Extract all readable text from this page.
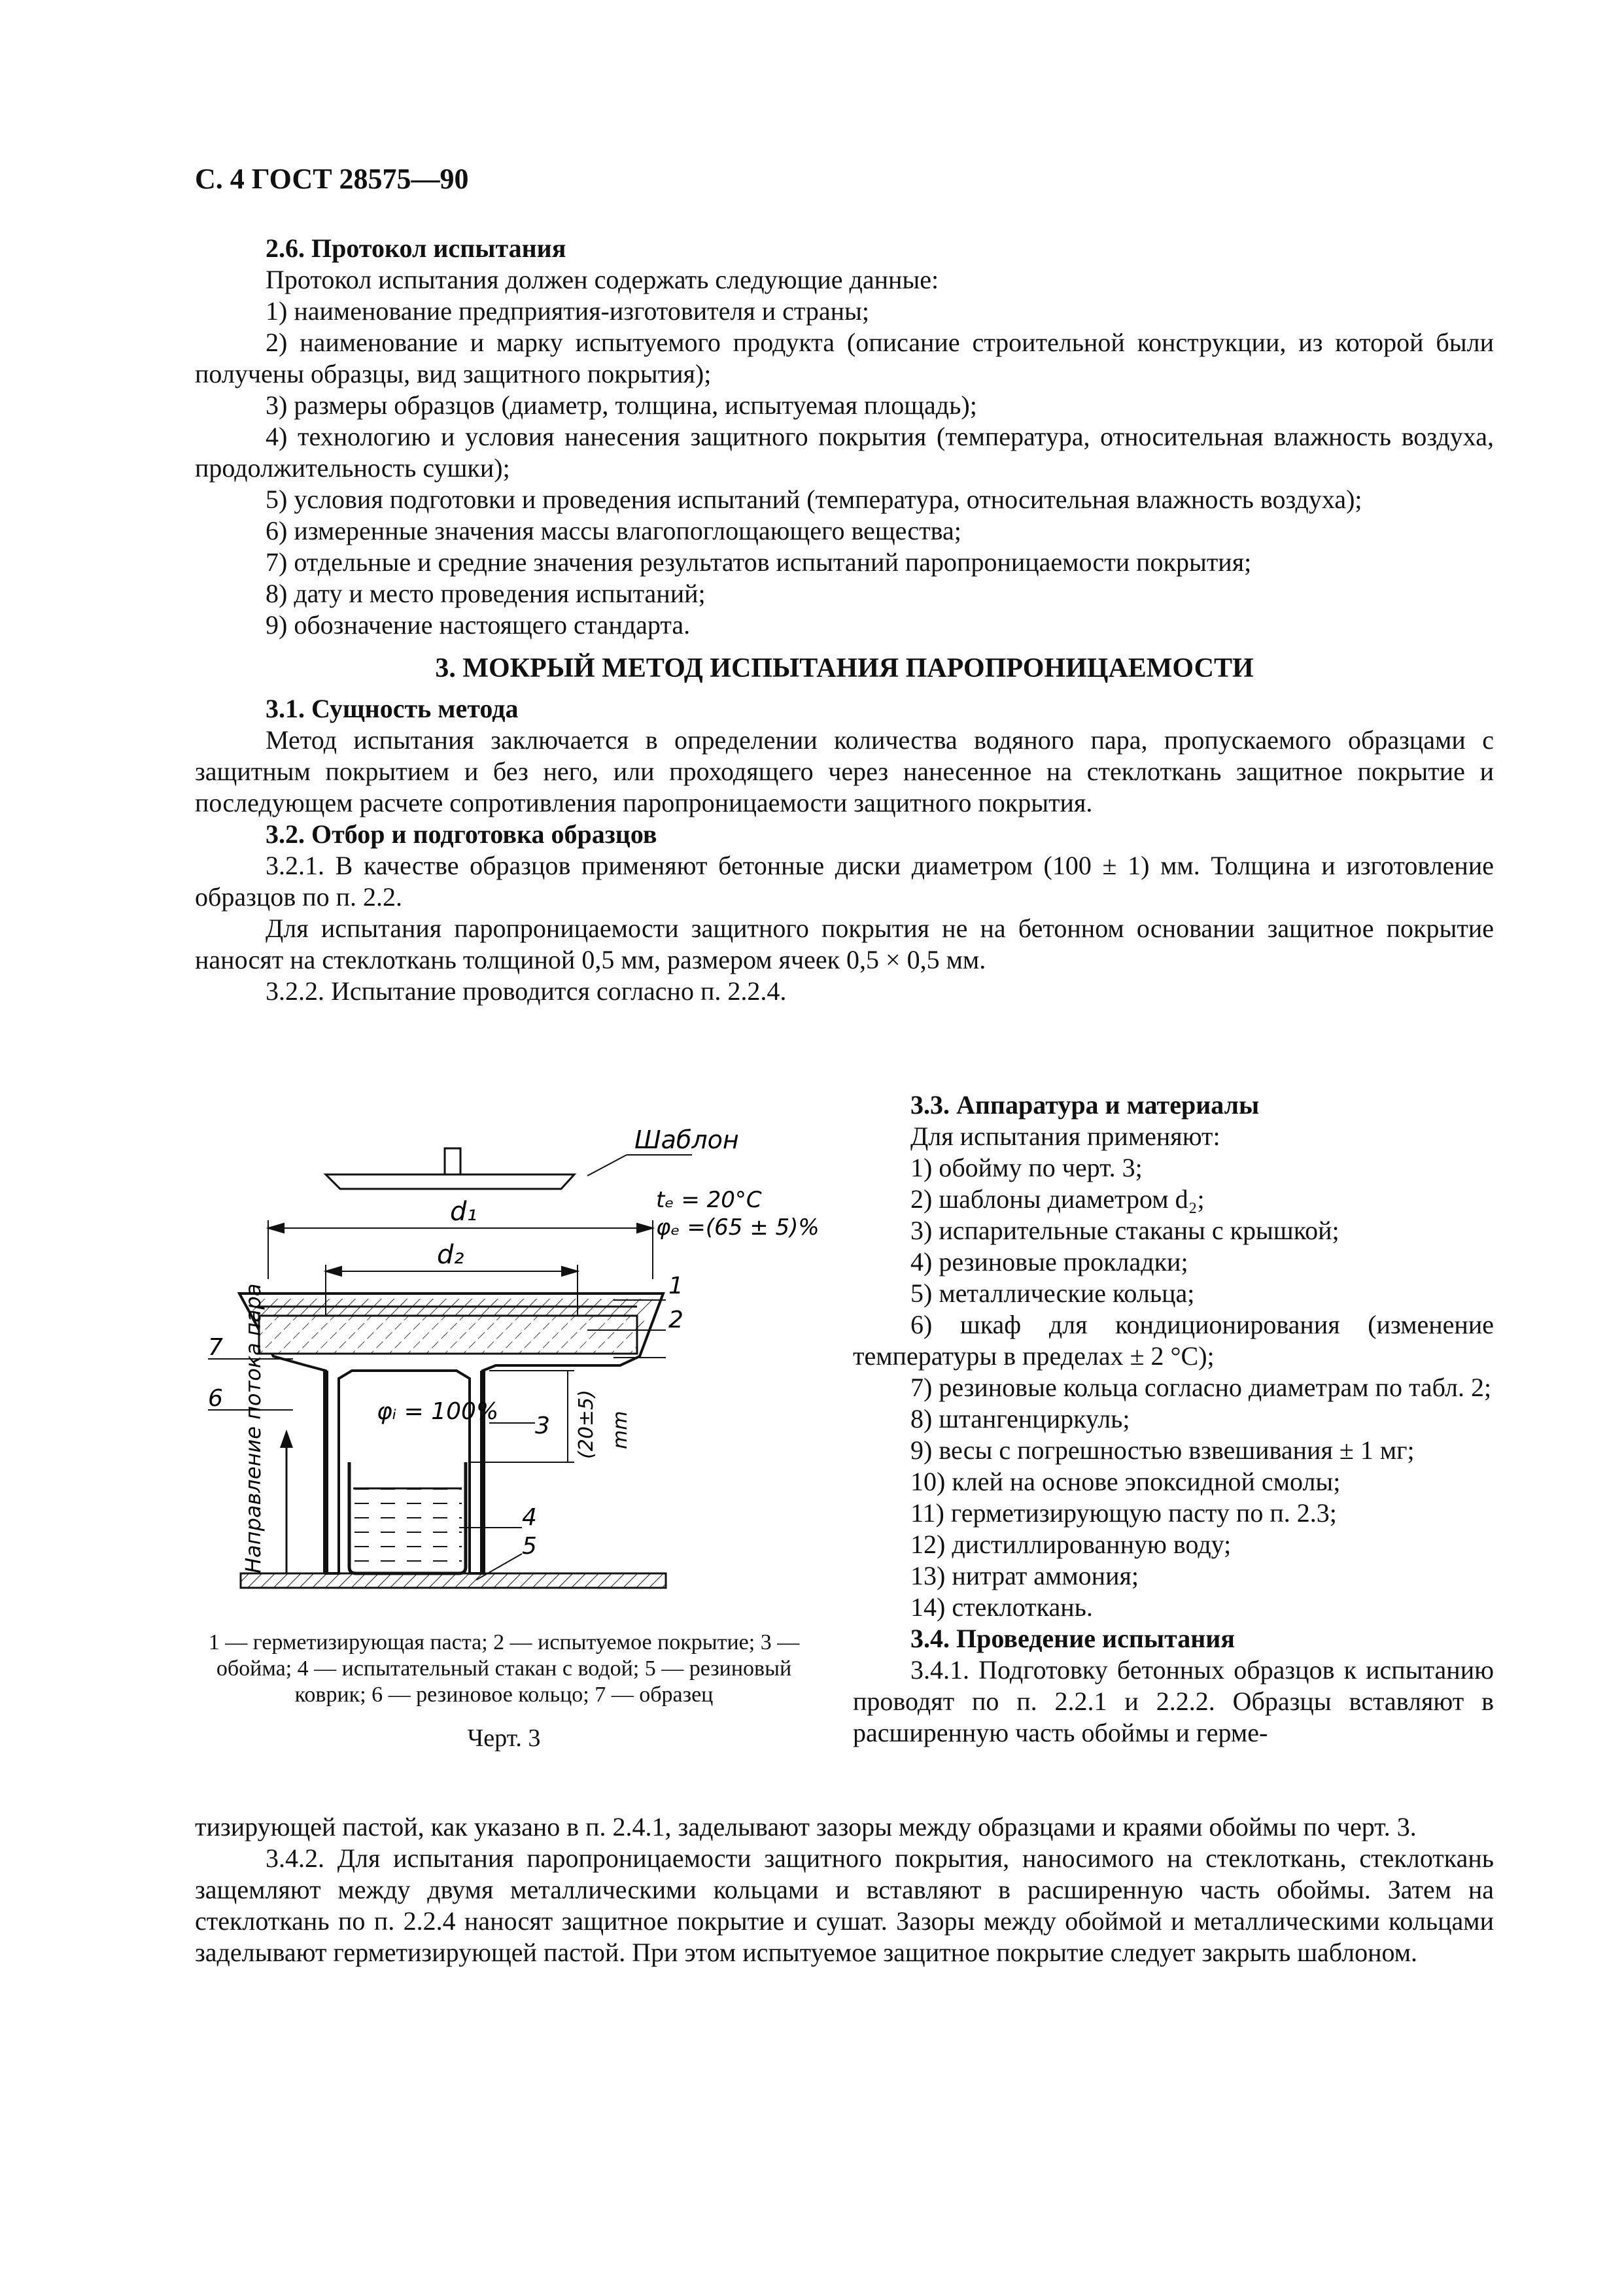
С. 4 ГОСТ 28575—90

2.6. Протокол испытания

Протокол испытания должен содержать следующие данные:

1) наименование предприятия-изготовителя и страны;

2) наименование и марку испытуемого продукта (описание строительной конструкции, из которой были получены образцы, вид защитного покрытия);

3) размеры образцов (диаметр, толщина, испытуемая площадь);

4) технологию и условия нанесения защитного покрытия (температура, относительная влажность воздуха, продолжительность сушки);

5) условия подготовки и проведения испытаний (температура, относительная влажность воздуха);

6) измеренные значения массы влагопоглощающего вещества;

7) отдельные и средние значения результатов испытаний паропроницаемости покрытия;

8) дату и место проведения испытаний;

9) обозначение настоящего стандарта.

3. МОКРЫЙ МЕТОД ИСПЫТАНИЯ ПАРОПРОНИЦАЕМОСТИ

3.1. Сущность метода

Метод испытания заключается в определении количества водяного пара, пропускаемого образцами с защитным покрытием и без него, или проходящего через нанесенное на стеклоткань защитное покрытие и последующем расчете сопротивления паропроницаемости защитного покрытия.

3.2. Отбор и подготовка образцов

3.2.1. В качестве образцов применяют бетонные диски диаметром (100 ± 1) мм. Толщина и изготовление образцов по п. 2.2.

Для испытания паропроницаемости защитного покрытия не на бетонном основании защитное покрытие наносят на стеклоткань толщиной 0,5 мм, размером ячеек 0,5 × 0,5 мм.

3.2.2. Испытание проводится согласно п. 2.2.4.

Шаблон
tₑ = 20°C
φₑ =(65 ± 5)%
d₁
d₂
φᵢ = 100%
Направление потока пара	(20±5) mm
1
2
3
4
5
6
7

1 — герметизирующая паста; 2 — испытуемое покрытие; 3 — обойма; 4 — испытательный стакан с водой; 5 — резиновый коврик; 6 — резиновое кольцо; 7 — образец

Черт. 3

3.3. Аппаратура и материалы

Для испытания применяют:

1) обойму по черт. 3;

2) шаблоны диаметром d₂;

3) испарительные стаканы с крышкой;

4) резиновые прокладки;

5) металлические кольца;

6) шкаф для кондиционирования (изменение температуры в пределах ± 2 °С);

7) резиновые кольца согласно диаметрам по табл. 2;

8) штангенциркуль;

9) весы с погрешностью взвешивания ± 1 мг;

10) клей на основе эпоксидной смолы;

11) герметизирующую пасту по п. 2.3;

12) дистиллированную воду;

13) нитрат аммония;

14) стеклоткань.

3.4. Проведение испытания

3.4.1. Подготовку бетонных образцов к испытанию проводят по п. 2.2.1 и 2.2.2. Образцы вставляют в расширенную часть обоймы и герме-

тизирующей пастой, как указано в п. 2.4.1, заделывают зазоры между образцами и краями обоймы по черт. 3.

3.4.2. Для испытания паропроницаемости защитного покрытия, наносимого на стеклоткань, стеклоткань защемляют между двумя металлическими кольцами и вставляют в расширенную часть обоймы. Затем на стеклоткань по п. 2.2.4 наносят защитное покрытие и сушат. Зазоры между обоймой и металлическими кольцами заделывают герметизирующей пастой. При этом испытуемое защитное покрытие следует закрыть шаблоном.
